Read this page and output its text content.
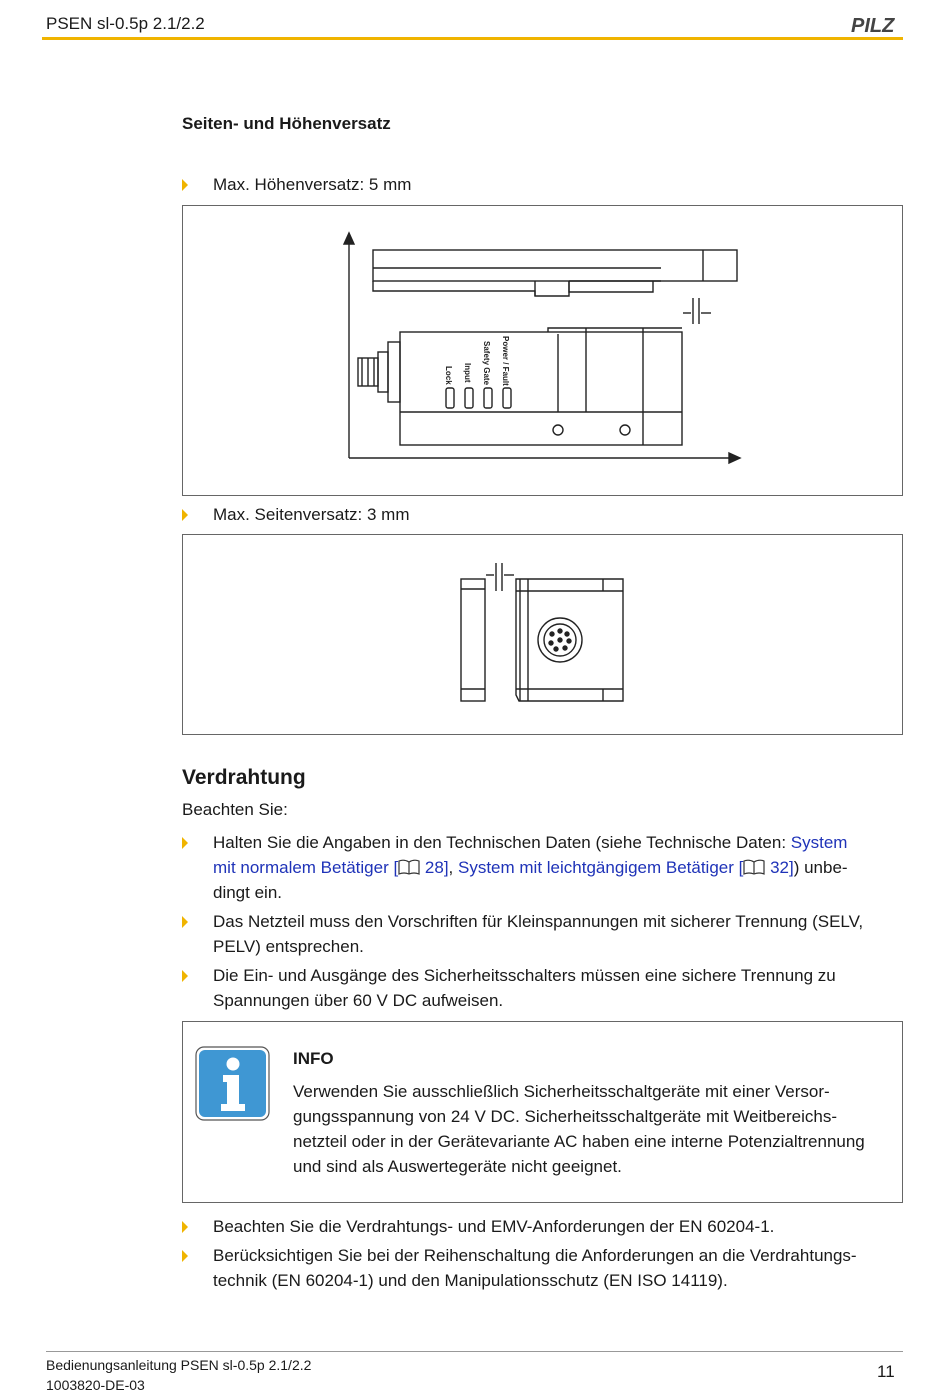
PSEN sl-0.5p 2.1/2.2	PILZ
Seiten- und Höhenversatz
Max. Höhenversatz: 5 mm
Power / Fault
Safety Gate
Input
Lock
Max. Seitenversatz: 3 mm
Verdrahtung
Beachten Sie:
Halten Sie die Angaben in den Technischen Daten (siehe Technische Daten: System
mit normalem Betätiger [ 28], System mit leichtgängigem Betätiger [ 32]) unbe-
dingt ein.
Das Netzteil muss den Vorschriften für Kleinspannungen mit sicherer Trennung (SELV,
PELV) entsprechen.
Die Ein- und Ausgänge des Sicherheitsschalters müssen eine sichere Trennung zu
Spannungen über 60 V DC aufweisen.
INFO
Verwenden Sie ausschließlich Sicherheitsschaltgeräte mit einer Versor-
gungsspannung von 24 V DC. Sicherheitsschaltgeräte mit Weitbereichs-
netzteil oder in der Gerätevariante AC haben eine interne Potenzialtrennung
und sind als Auswertegeräte nicht geeignet.
Beachten Sie die Verdrahtungs- und EMV-Anforderungen der EN 60204-1.
Berücksichtigen Sie bei der Reihenschaltung die Anforderungen an die Verdrahtungs-
technik (EN 60204-1) und den Manipulationsschutz (EN ISO 14119).
Bedienungsanleitung PSEN sl-0.5p 2.1/2.2
1003820-DE-03
11
